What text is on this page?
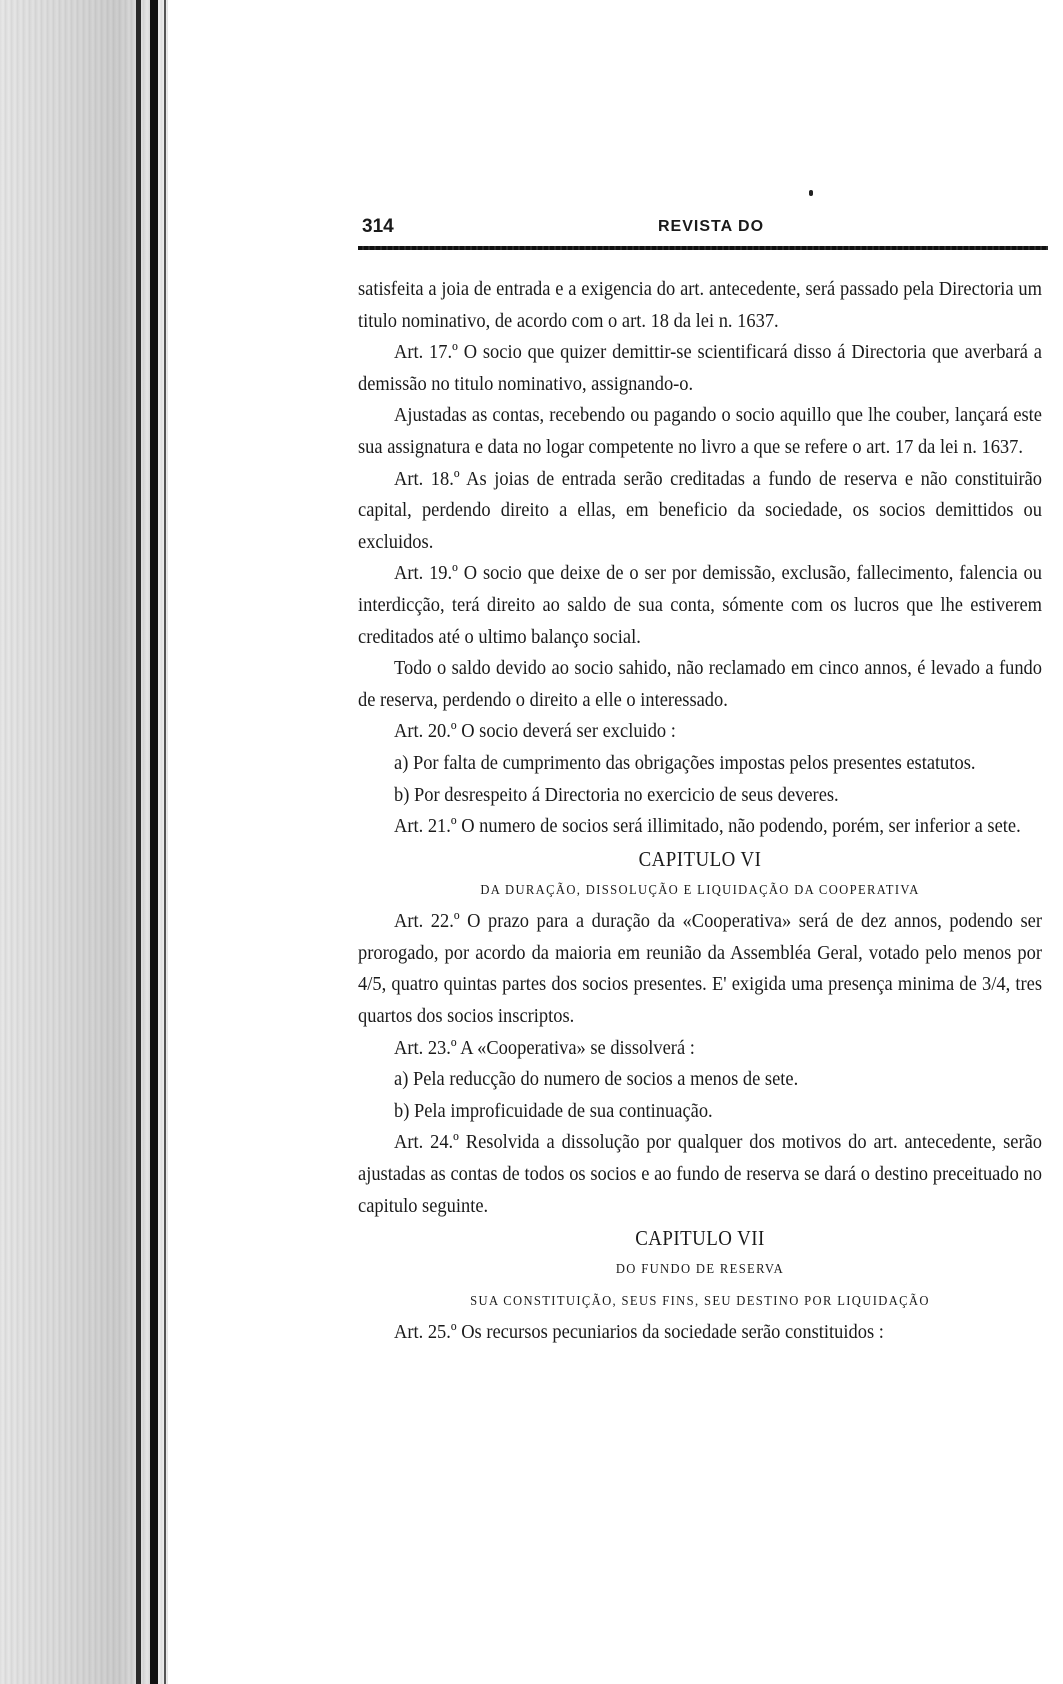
314	REVISTA DO

satisfeita a joia de entrada e a exigencia do art. antecedente, será passado pela Directoria um titulo nominativo, de acordo com o art. 18 da lei n. 1637.

Art. 17.º O socio que quizer demittir-se scientificará disso á Directoria que averbará a demissão no titulo nominativo, assignando-o.

Ajustadas as contas, recebendo ou pagando o socio aquillo que lhe couber, lançará este sua assignatura e data no logar competente no livro a que se refere o art. 17 da lei n. 1637.

Art. 18.º As joias de entrada serão creditadas a fundo de reserva e não constituirão capital, perdendo direito a ellas, em beneficio da sociedade, os socios demittidos ou excluidos.

Art. 19.º O socio que deixe de o ser por demissão, exclusão, fallecimento, falencia ou interdicção, terá direito ao saldo de sua conta, sómente com os lucros que lhe estiverem creditados até o ultimo balanço social.

Todo o saldo devido ao socio sahido, não reclamado em cinco annos, é levado a fundo de reserva, perdendo o direito a elle o interessado.

Art. 20.º O socio deverá ser excluido :

a) Por falta de cumprimento das obrigações impostas pelos presentes estatutos.

b) Por desrespeito á Directoria no exercicio de seus deveres.

Art. 21.º O numero de socios será illimitado, não podendo, porém, ser inferior a sete.

CAPITULO VI

DA DURAÇÃO, DISSOLUÇÃO E LIQUIDAÇÃO DA COOPERATIVA

Art. 22.º O prazo para a duração da «Cooperativa» será de dez annos, podendo ser prorogado, por acordo da maioria em reunião da Assembléa Geral, votado pelo menos por 4/5, quatro quintas partes dos socios presentes. E' exigida uma presença minima de 3/4, tres quartos dos socios inscriptos.

Art. 23.º A «Cooperativa» se dissolverá :

a) Pela reducção do numero de socios a menos de sete.

b) Pela improficuidade de sua continuação.

Art. 24.º Resolvida a dissolução por qualquer dos motivos do art. antecedente, serão ajustadas as contas de todos os socios e ao fundo de reserva se dará o destino preceituado no capitulo seguinte.

CAPITULO VII

DO FUNDO DE RESERVA

SUA CONSTITUIÇÃO, SEUS FINS, SEU DESTINO POR LIQUIDAÇÃO

Art. 25.º Os recursos pecuniarios da sociedade serão constituidos :
